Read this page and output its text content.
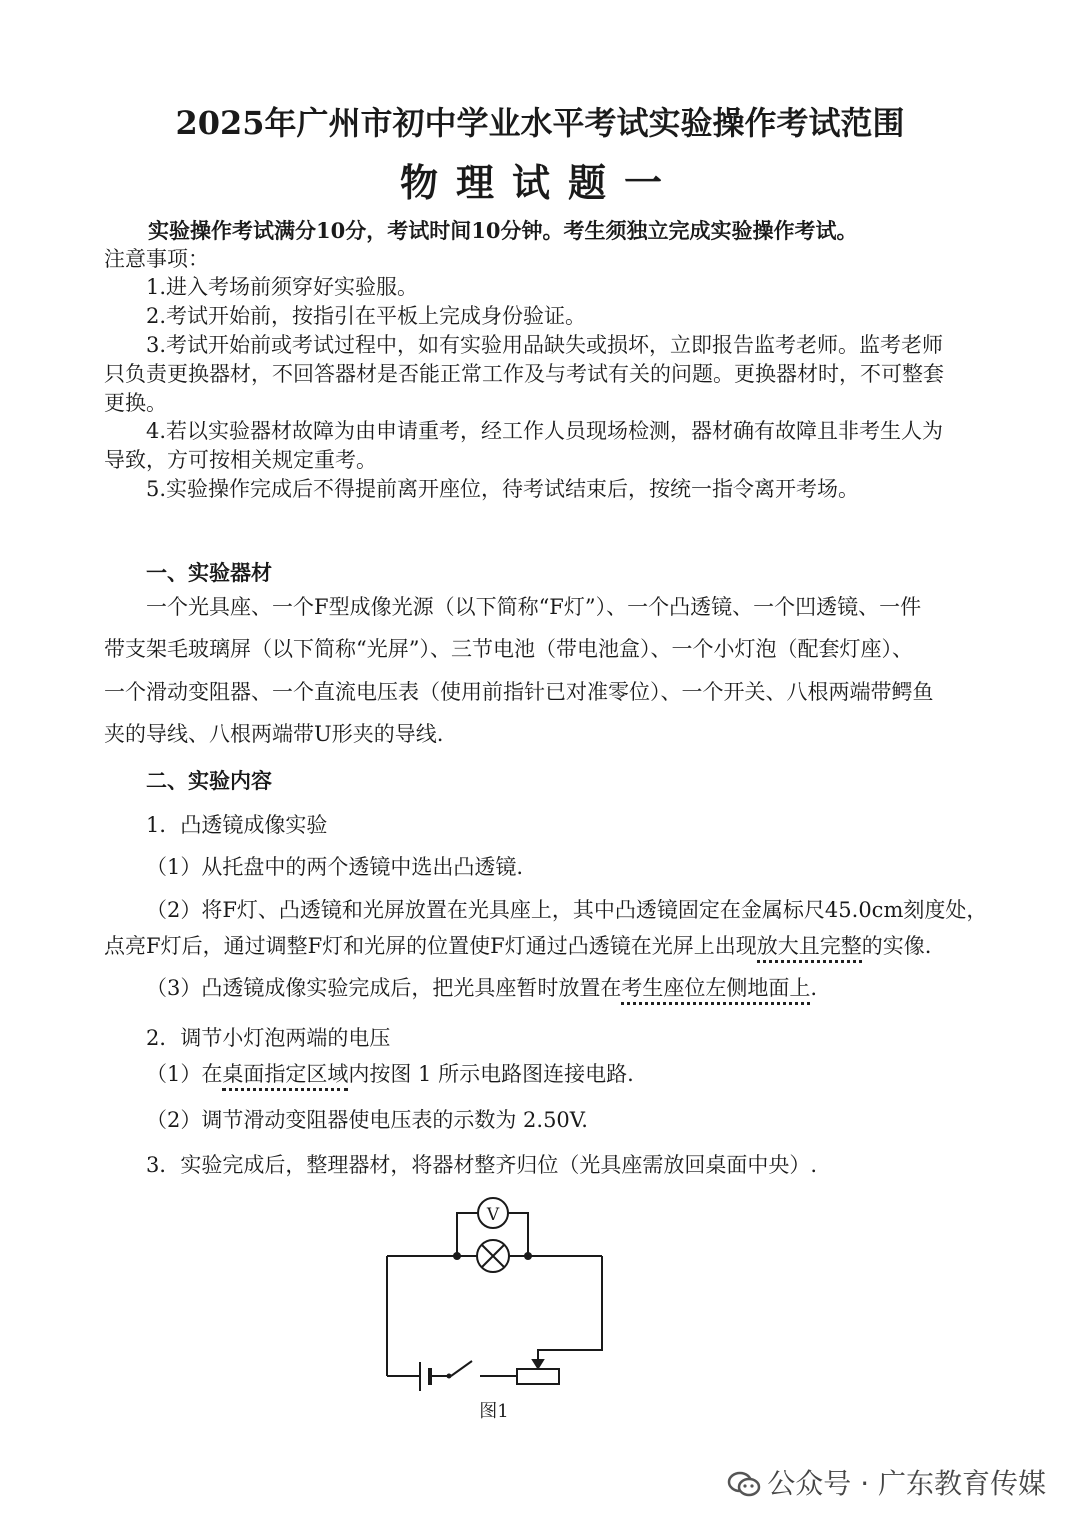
2025年广州市初中学业水平考试实验操作考试范围
物理试题一
实验操作考试满分10分，考试时间10分钟。考生须独立完成实验操作考试。
注意事项：
1.进入考场前须穿好实验服。
2.考试开始前，按指引在平板上完成身份验证。
3.考试开始前或考试过程中，如有实验用品缺失或损坏，立即报告监考老师。监考老师
只负责更换器材，不回答器材是否能正常工作及与考试有关的问题。更换器材时，不可整套
更换。
4.若以实验器材故障为由申请重考，经工作人员现场检测，器材确有故障且非考生人为
导致，方可按相关规定重考。
5.实验操作完成后不得提前离开座位，待考试结束后，按统一指令离开考场。
一、实验器材
一个光具座、一个F型成像光源（以下简称“F灯”）、一个凸透镜、一个凹透镜、一件
带支架毛玻璃屏（以下简称“光屏”）、三节电池（带电池盒）、一个小灯泡（配套灯座）、
一个滑动变阻器、一个直流电压表（使用前指针已对准零位）、一个开关、八根两端带鳄鱼
夹的导线、八根两端带U形夹的导线.
二、实验内容
1．凸透镜成像实验
（1）从托盘中的两个透镜中选出凸透镜.
（2）将F灯、凸透镜和光屏放置在光具座上，其中凸透镜固定在金属标尺45.0cm刻度处，
点亮F灯后，通过调整F灯和光屏的位置使F灯通过凸透镜在光屏上出现放大且完整的实像.
（3）凸透镜成像实验完成后，把光具座暂时放置在考生座位左侧地面上.
2．调节小灯泡两端的电压
（1）在桌面指定区域内按图 1 所示电路图连接电路.
（2）调节滑动变阻器使电压表的示数为 2.50V.
3．实验完成后，整理器材，将器材整齐归位（光具座需放回桌面中央）.
V
图1
公众号 · 广东教育传媒
